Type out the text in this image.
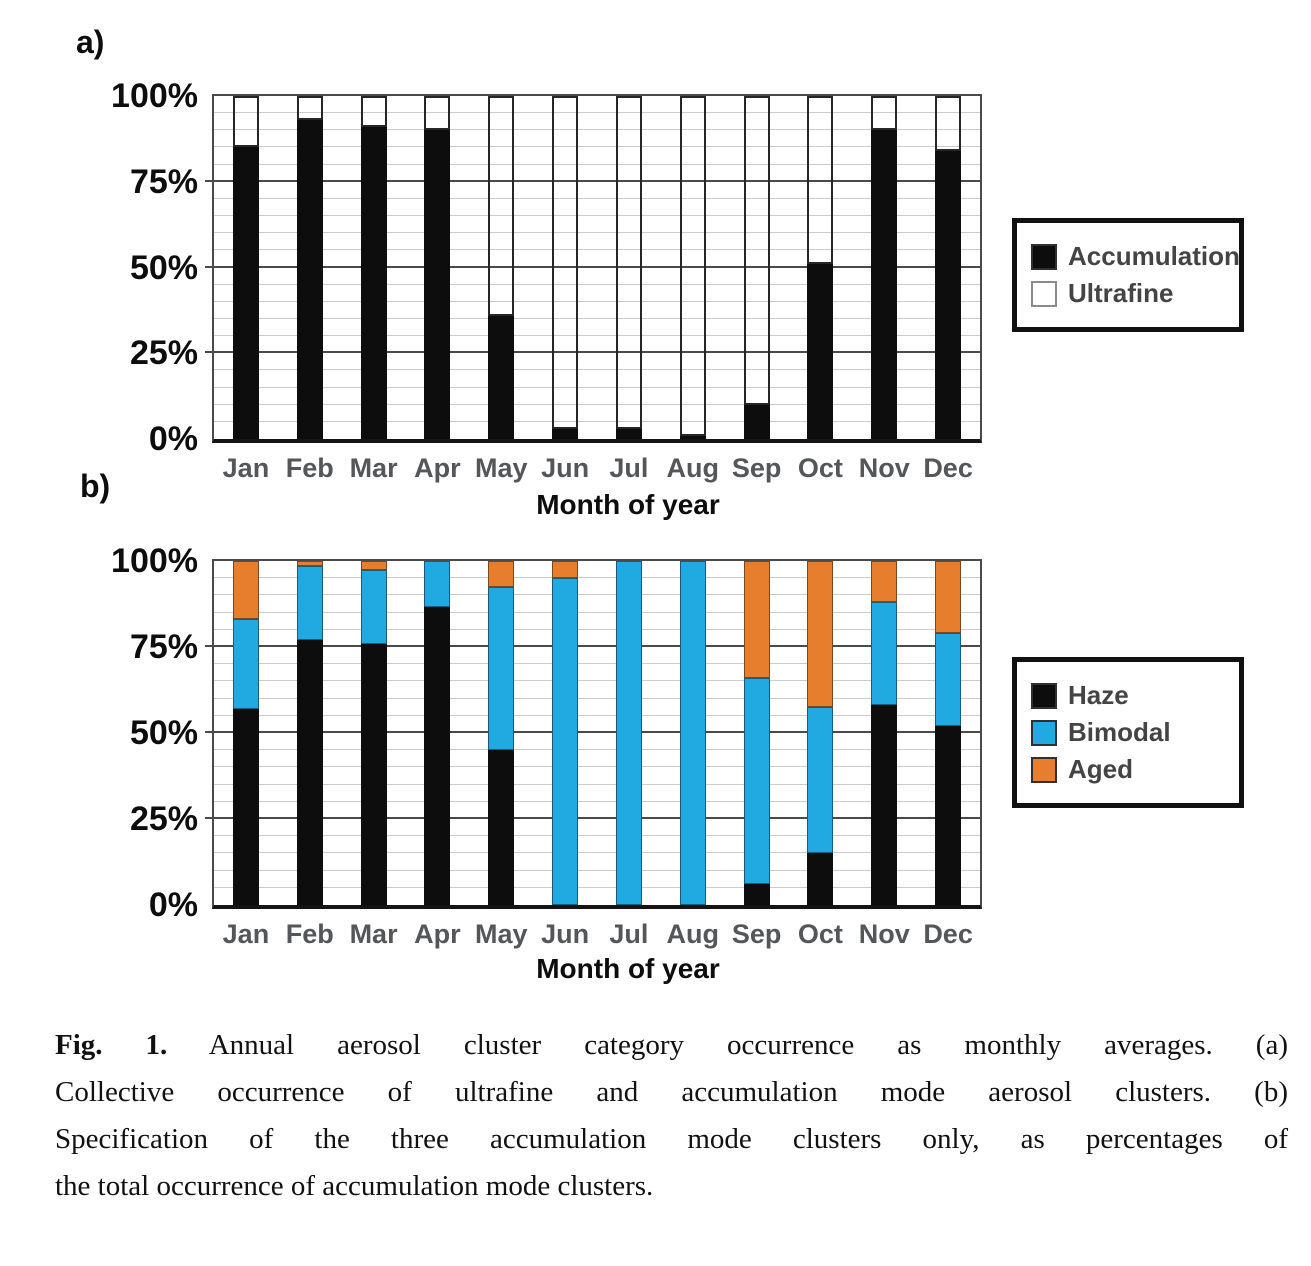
a)
Jan Feb Mar Apr May Jun Jul Aug Sep Oct Nov Dec
0%
25%
50%
75%
100%
Month of year
Accumulation
Ultrafine
b)
Jan Feb Mar Apr May Jun Jul Aug Sep Oct Nov Dec
0%
25%
50%
75%
100%
Month of year
Haze
Bimodal
Aged
Fig. 1. Annual aerosol cluster category occurrence as monthly averages. (a)
Collective occurrence of ultrafine and accumulation mode aerosol clusters. (b)
Specification of the three accumulation mode clusters only, as percentages of
the total occurrence of accumulation mode clusters.
